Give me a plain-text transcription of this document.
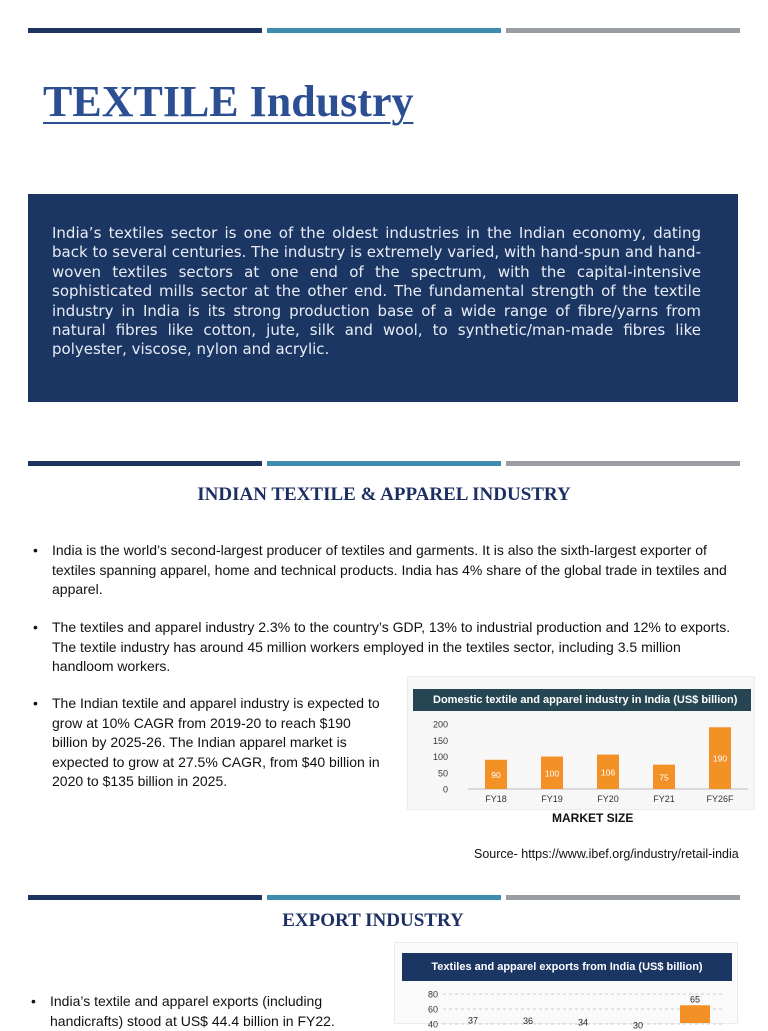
TEXTILE Industry

India’s textiles sector is one of the oldest industries in the Indian economy, dating back to several centuries. The industry is extremely varied, with hand-spun and hand-woven textiles sectors at one end of the spectrum, with the capital-intensive sophisticated mills sector at the other end. The fundamental strength of the textile industry in India is its strong production base of a wide range of fibre/yarns from natural fibres like cotton, jute, silk and wool, to synthetic/man-made fibres like polyester, viscose, nylon and acrylic.

INDIAN TEXTILE & APPAREL INDUSTRY
•	India is the world’s second-largest producer of textiles and garments. It is also the sixth-largest exporter of textiles spanning apparel, home and technical products. India has 4% share of the global trade in textiles and apparel.
•	The textiles and apparel industry 2.3% to the country’s GDP, 13% to industrial production and 12% to exports. The textile industry has around 45 million workers employed in the textiles sector, including 3.5 million handloom workers.
•	The Indian textile and apparel industry is expected to grow at 10% CAGR from 2019-20 to reach $190 billion by 2025-26. The Indian apparel market is expected to grow at 27.5% CAGR, from $40 billion in 2020 to $135 billion in 2025.
Domestic textile and apparel industry in India (US$ billion)
0
50
100
150
200
90
FY18
100
FY19
106
FY20
75
FY21
190
FY26F
MARKET SIZE
Source- https://www.ibef.org/industry/retail-india
EXPORT INDUSTRY
•	India’s textile and apparel exports (including handicrafts) stood at US$ 44.4 billion in FY22.
Textiles and apparel exports from India (US$ billion)
40
60
80
37	36	34	30
65
